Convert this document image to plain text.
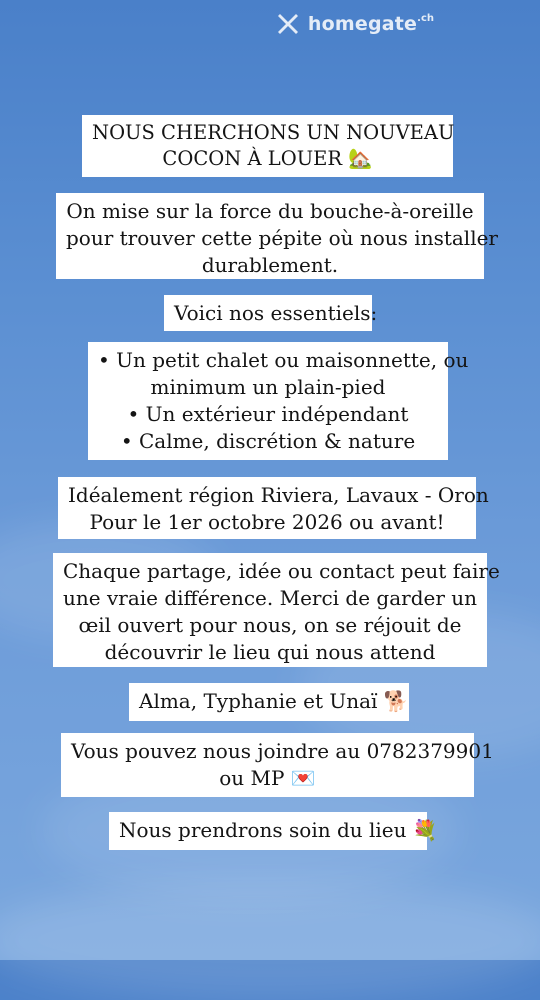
homegate .ch
NOUS CHERCHONS UN NOUVEAU
COCON À LOUER 🏡
On mise sur la force du bouche-à-oreille
pour trouver cette pépite où nous installer
durablement.
Voici nos essentiels:
• Un petit chalet ou maisonnette, ou
minimum un plain-pied
• Un extérieur indépendant
• Calme, discrétion & nature
Idéalement région Riviera, Lavaux - Oron
Pour le 1er octobre 2026 ou avant!
Chaque partage, idée ou contact peut faire
une vraie différence. Merci de garder un
œil ouvert pour nous, on se réjouit de
découvrir le lieu qui nous attend
Alma, Typhanie et Unaï 🐕
Vous pouvez nous joindre au 0782379901
ou MP 💌
Nous prendrons soin du lieu 💐
